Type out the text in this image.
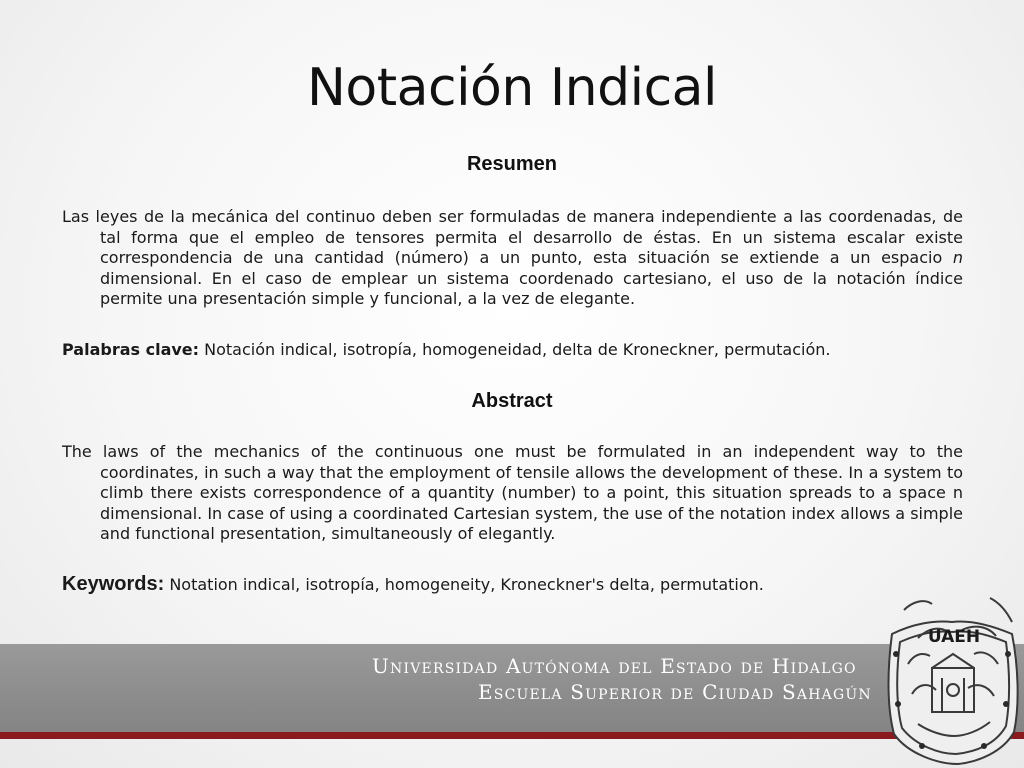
Notación Indical
Resumen
Las leyes de la mecánica del continuo deben ser formuladas de manera independiente a las coordenadas, de tal forma que el empleo de tensores permita el desarrollo de éstas. En un sistema escalar existe correspondencia de una cantidad (número) a un punto, esta situación se extiende a un espacio n dimensional. En el caso de emplear un sistema coordenado cartesiano, el uso de la notación índice permite una presentación simple y funcional, a la vez de elegante.
Palabras clave: Notación indical, isotropía, homogeneidad, delta de Kroneckner, permutación.
Abstract
The laws of the mechanics of the continuous one must be formulated in an independent way to the coordinates, in such a way that the employment of tensile allows the development of these. In a system to climb there exists correspondence of a quantity (number) to a point, this situation spreads to a space n dimensional. In case of using a coordinated Cartesian system, the use of the notation index allows a simple and functional presentation, simultaneously of elegantly.
Keywords: Notation indical, isotropía, homogeneity, Kroneckner's delta, permutation.
Universidad Autónoma del Estado de Hidalgo
Escuela Superior de Ciudad Sahagún
UAEH
